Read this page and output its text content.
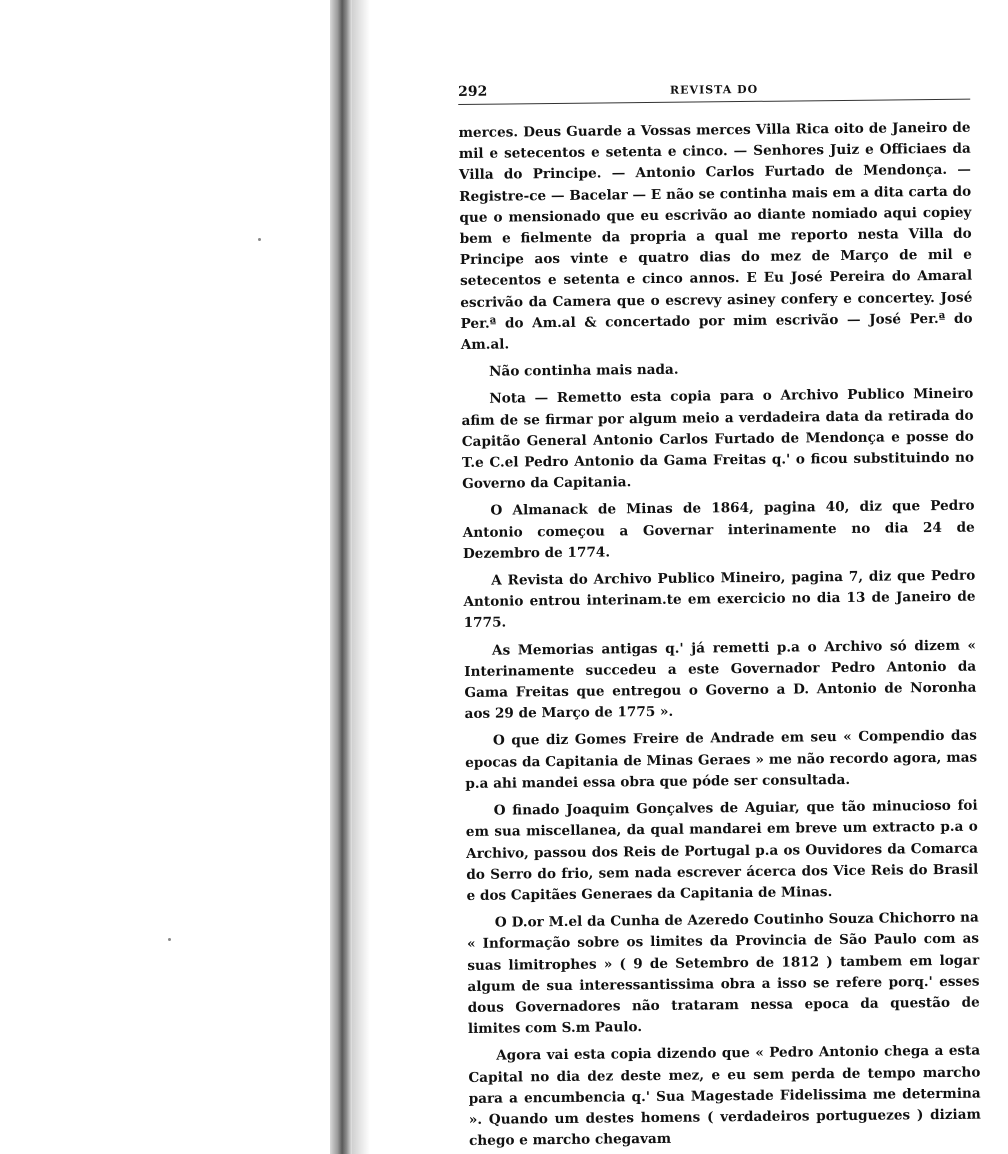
292	REVISTA DO

merces. Deus Guarde a Vossas merces Villa Rica oito de Janeiro de mil e setecentos e setenta e cinco. — Senhores Juiz e Officiaes da Villa do Principe. — Antonio Carlos Furtado de Mendonça. — Registre-ce — Bacelar — E não se continha mais em a dita carta do que o mensionado que eu escrivão ao diante nomiado aqui copiey bem e fielmente da propria a qual me reporto nesta Villa do Principe aos vinte e quatro dias do mez de Março de mil e setecentos e setenta e cinco annos. E Eu José Pereira do Amaral escrivão da Camera que o escrevy asiney confery e concertey. José Per.ª do Am.al & concertado por mim escrivão — José Per.ª do Am.al.

Não continha mais nada.

Nota — Remetto esta copia para o Archivo Publico Mineiro afim de se firmar por algum meio a verdadeira data da retirada do Capitão General Antonio Carlos Furtado de Mendonça e posse do T.e C.el Pedro Antonio da Gama Freitas q.' o ficou substituindo no Governo da Capitania.

O Almanack de Minas de 1864, pagina 40, diz que Pedro Antonio começou a Governar interinamente no dia 24 de Dezembro de 1774.

A Revista do Archivo Publico Mineiro, pagina 7, diz que Pedro Antonio entrou interinam.te em exercicio no dia 13 de Janeiro de 1775.

As Memorias antigas q.' já remetti p.a o Archivo só dizem « Interinamente succedeu a este Governador Pedro Antonio da Gama Freitas que entregou o Governo a D. Antonio de Noronha aos 29 de Março de 1775 ».

O que diz Gomes Freire de Andrade em seu « Compendio das epocas da Capitania de Minas Geraes » me não recordo agora, mas p.a ahi mandei essa obra que póde ser consultada.

O finado Joaquim Gonçalves de Aguiar, que tão minucioso foi em sua miscellanea, da qual mandarei em breve um extracto p.a o Archivo, passou dos Reis de Portugal p.a os Ouvidores da Comarca do Serro do frio, sem nada escrever ácerca dos Vice Reis do Brasil e dos Capitães Generaes da Capitania de Minas.

O D.or M.el da Cunha de Azeredo Coutinho Souza Chichorro na « Informação sobre os limites da Provincia de São Paulo com as suas limitrophes » ( 9 de Setembro de 1812 ) tambem em logar algum de sua interessantissima obra a isso se refere porq.' esses dous Governadores não trataram nessa epoca da questão de limites com S.m Paulo.

Agora vai esta copia dizendo que « Pedro Antonio chega a esta Capital no dia dez deste mez, e eu sem perda de tempo marcho para a encumbencia q.' Sua Magestade Fidelissima me determina ». Quando um destes homens ( verdadeiros portuguezes ) diziam chego e marcho chegavam
